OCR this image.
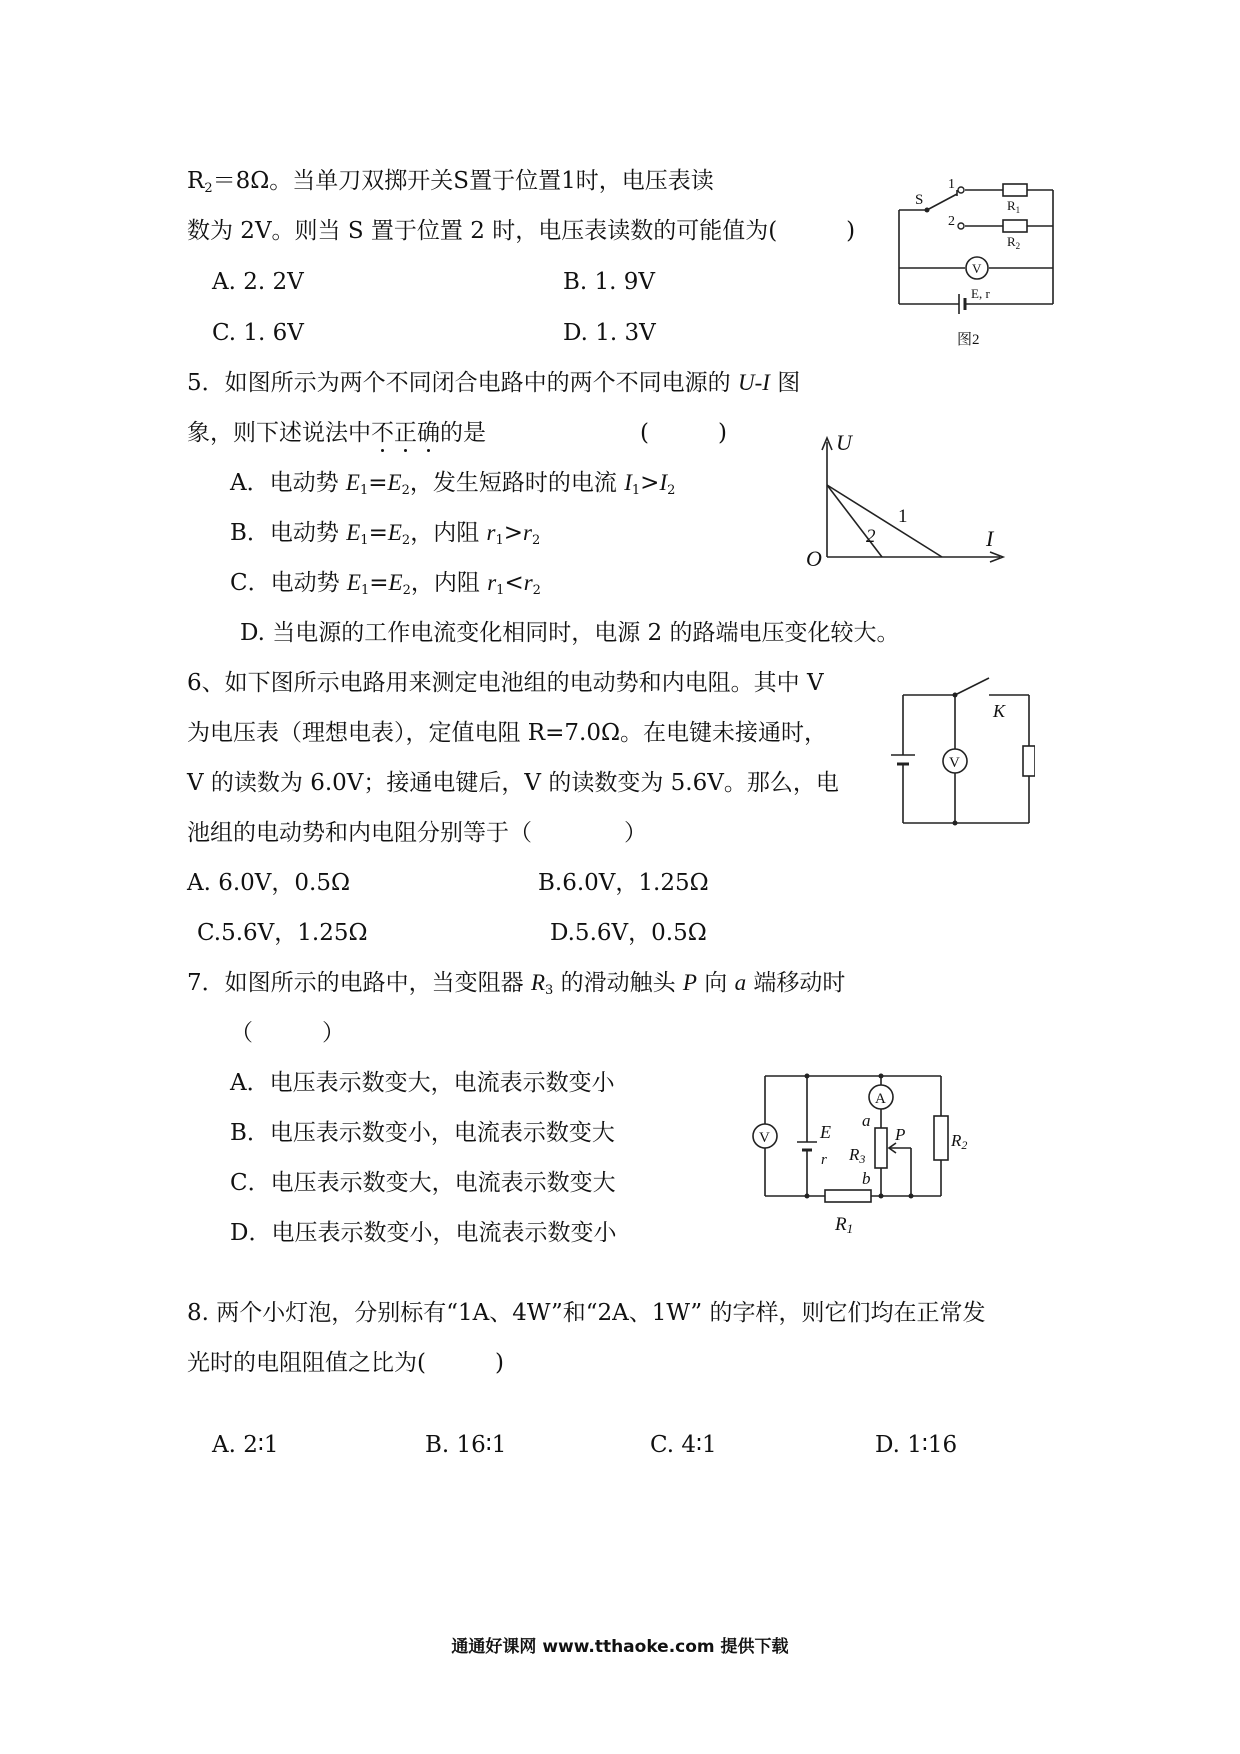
$R_2=8\Omega$。当单刀双掷开关S置于位置1时，电压表读
数为 2V。则当 S 置于位置 2 时，电压表读数的可能值为(　　　)
A. 2. 2V	B. 1. 9V
C. 1. 6V	D. 1. 3V
S
1
2
$R_1$
$R_2$
V
E, r
图2
5．如图所示为两个不同闭合电路中的两个不同电源的 U-I 图
象，则下述说法中不正确的是	(　　　)
A．电动势 $E_1=E_2$，发生短路时的电流 $I_1>I_2$
B．电动势 $E_1=E_2$，内阻 $r_1>r_2$
C．电动势 $E_1=E_2$，内阻 $r_1<r_2$
D. 当电源的工作电流变化相同时，电源 2 的路端电压变化较大。
U
I
O
1
2
6、如下图所示电路用来测定电池组的电动势和内电阻。其中 V
为电压表（理想电表），定值电阻 R=7.0Ω。在电键未接通时，
V 的读数为 6.0V；接通电键后，V 的读数变为 5.6V。那么，电
池组的电动势和内电阻分别等于（　　　　）
A. 6.0V，0.5Ω	B.6.0V，1.25Ω
C.5.6V，1.25Ω	D.5.6V，0.5Ω
K
V
7．如图所示的电路中，当变阻器 $R_3$ 的滑动触头 P 向 a 端移动时
（　　　）
A．电压表示数变大，电流表示数变小
B．电压表示数变小，电流表示数变大
C．电压表示数变大，电流表示数变大
D．电压表示数变小，电流表示数变小
V
A
E
r
a
b
P
R3
R2
R1
8. 两个小灯泡，分别标有“1A、4W”和“2A、1W” 的字样，则它们均在正常发
光时的电阻阻值之比为(　　　)
A. 2∶1	B. 16∶1	C. 4∶1	D. 1∶16
通通好课网 www.tthaoke.com 提供下载
